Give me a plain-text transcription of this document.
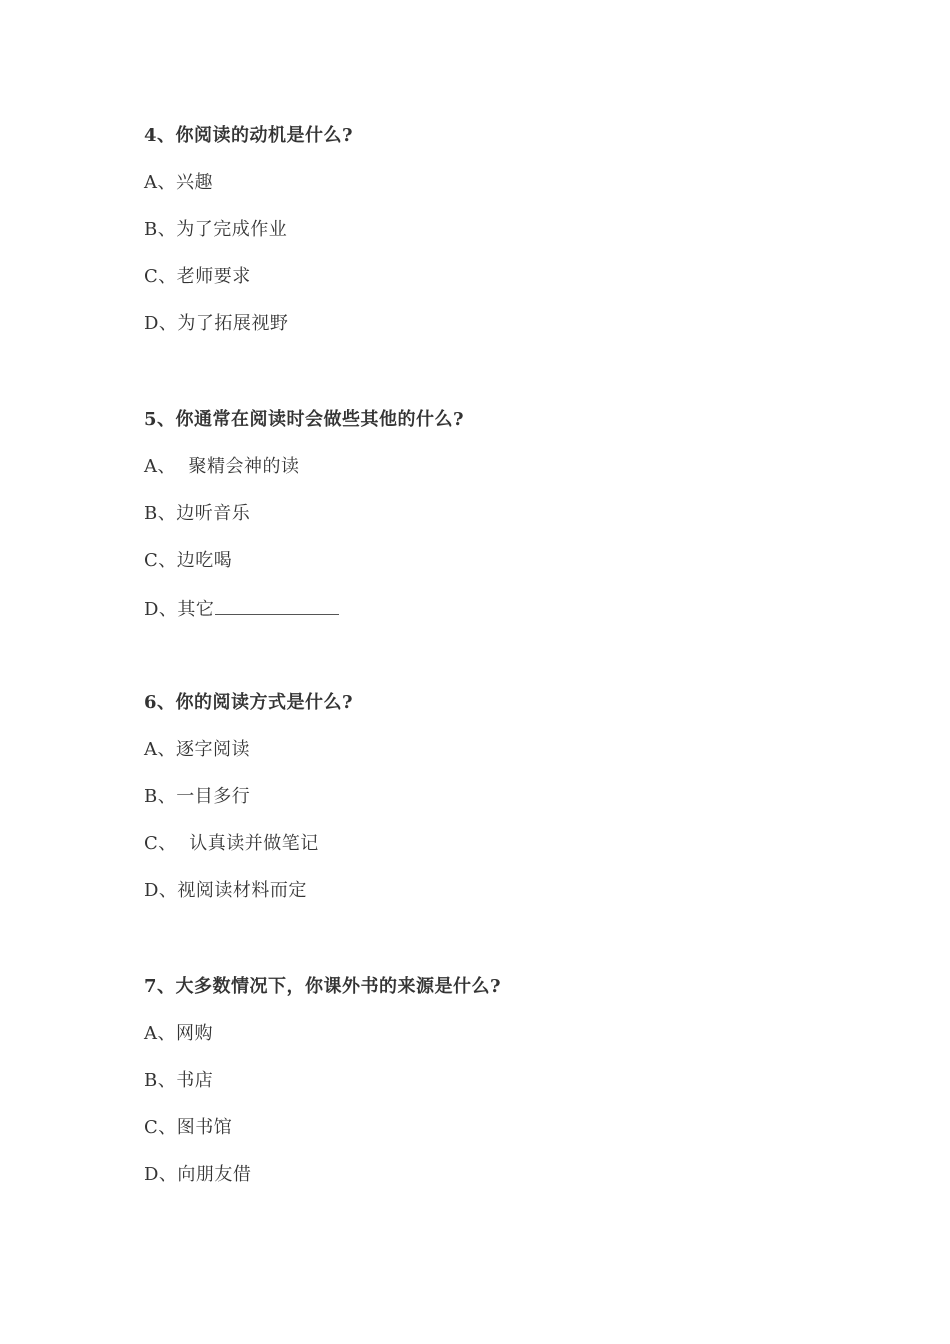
4、你阅读的动机是什么?

A、兴趣
B、为了完成作业
C、老师要求
D、为了拓展视野

5、你通常在阅读时会做些其他的什么?

A、  聚精会神的读
B、边听音乐
C、边吃喝
D、其它

6、你的阅读方式是什么?

A、逐字阅读
B、一目多行
C、  认真读并做笔记
D、视阅读材料而定

7、大多数情况下，你课外书的来源是什么?

A、网购
B、书店
C、图书馆
D、向朋友借
